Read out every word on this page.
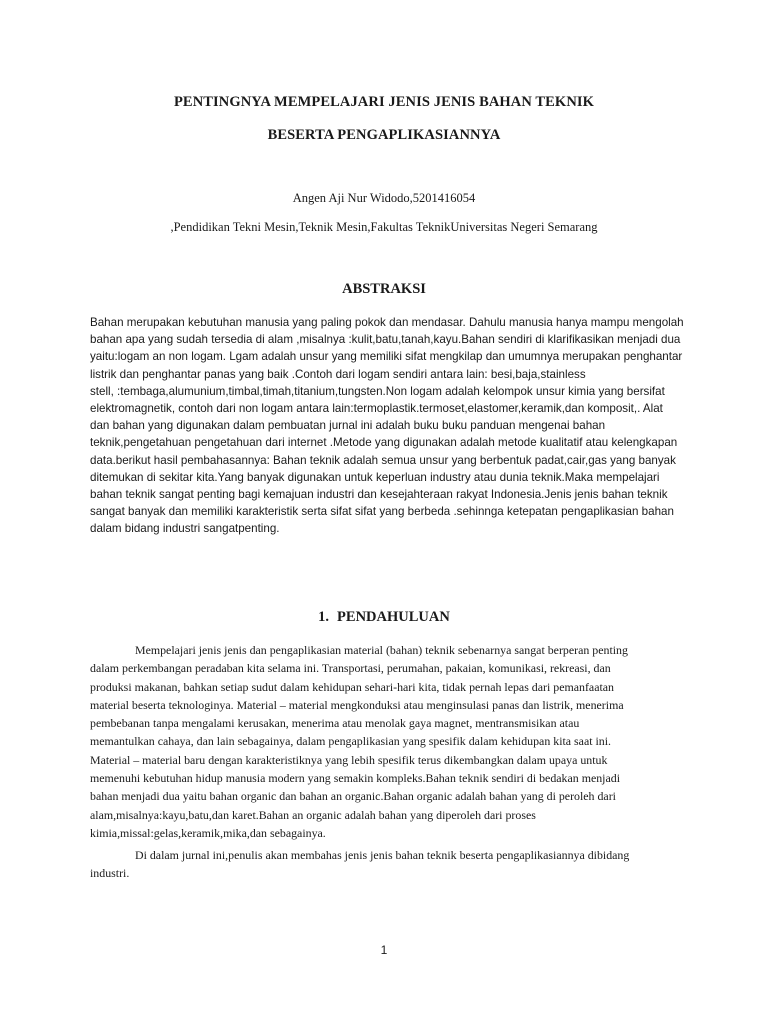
PENTINGNYA MEMPELAJARI JENIS JENIS BAHAN TEKNIK
BESERTA PENGAPLIKASIANNYA
Angen Aji Nur Widodo,5201416054
,Pendidikan Tekni Mesin,Teknik Mesin,Fakultas TeknikUniversitas Negeri Semarang
ABSTRAKSI
Bahan merupakan kebutuhan manusia yang paling pokok dan mendasar. Dahulu manusia hanya mampu mengolah
bahan apa yang sudah tersedia di alam ,misalnya :kulit,batu,tanah,kayu.Bahan sendiri di klarifikasikan menjadi dua
yaitu:logam an non logam. Lgam adalah unsur yang memiliki sifat mengkilap dan umumnya merupakan penghantar
listrik dan penghantar panas yang baik .Contoh dari logam sendiri antara lain: besi,baja,stainless
stell, :tembaga,alumunium,timbal,timah,titanium,tungsten.Non logam adalah kelompok unsur kimia yang bersifat
elektromagnetik, contoh dari non logam antara lain:termoplastik.termoset,elastomer,keramik,dan komposit,. Alat
dan bahan yang digunakan dalam pembuatan jurnal ini adalah buku buku panduan mengenai bahan
teknik,pengetahuan pengetahuan dari internet .Metode yang digunakan adalah metode kualitatif atau kelengkapan
data.berikut hasil pembahasannya: Bahan teknik adalah semua unsur yang berbentuk padat,cair,gas yang banyak
ditemukan di sekitar kita.Yang banyak digunakan untuk keperluan industry atau dunia teknik.Maka mempelajari
bahan teknik sangat penting bagi kemajuan industri dan kesejahteraan rakyat Indonesia.Jenis jenis bahan teknik
sangat banyak dan memiliki karakteristik serta sifat sifat yang berbeda .sehinnga ketepatan pengaplikasian bahan
dalam bidang industri sangatpenting.
1. PENDAHULUAN
Mempelajari jenis jenis dan pengaplikasian material (bahan) teknik sebenarnya sangat berperan penting
dalam perkembangan peradaban kita selama ini. Transportasi, perumahan, pakaian, komunikasi, rekreasi, dan
produksi makanan, bahkan setiap sudut dalam kehidupan sehari-hari kita, tidak pernah lepas dari pemanfaatan
material beserta teknologinya. Material – material mengkonduksi atau menginsulasi panas dan listrik, menerima
pembebanan tanpa mengalami kerusakan, menerima atau menolak gaya magnet, mentransmisikan atau
memantulkan cahaya, dan lain sebagainya, dalam pengaplikasian yang spesifik dalam kehidupan kita saat ini.
Material – material baru dengan karakteristiknya yang lebih spesifik terus dikembangkan dalam upaya untuk
memenuhi kebutuhan hidup manusia modern yang semakin kompleks.Bahan teknik sendiri di bedakan menjadi
bahan menjadi dua yaitu bahan organic dan bahan an organic.Bahan organic adalah bahan yang di peroleh dari
alam,misalnya:kayu,batu,dan karet.Bahan an organic adalah bahan yang diperoleh dari proses
kimia,missal:gelas,keramik,mika,dan sebagainya.
Di dalam jurnal ini,penulis akan membahas jenis jenis bahan teknik beserta pengaplikasiannya dibidang
industri.
1
